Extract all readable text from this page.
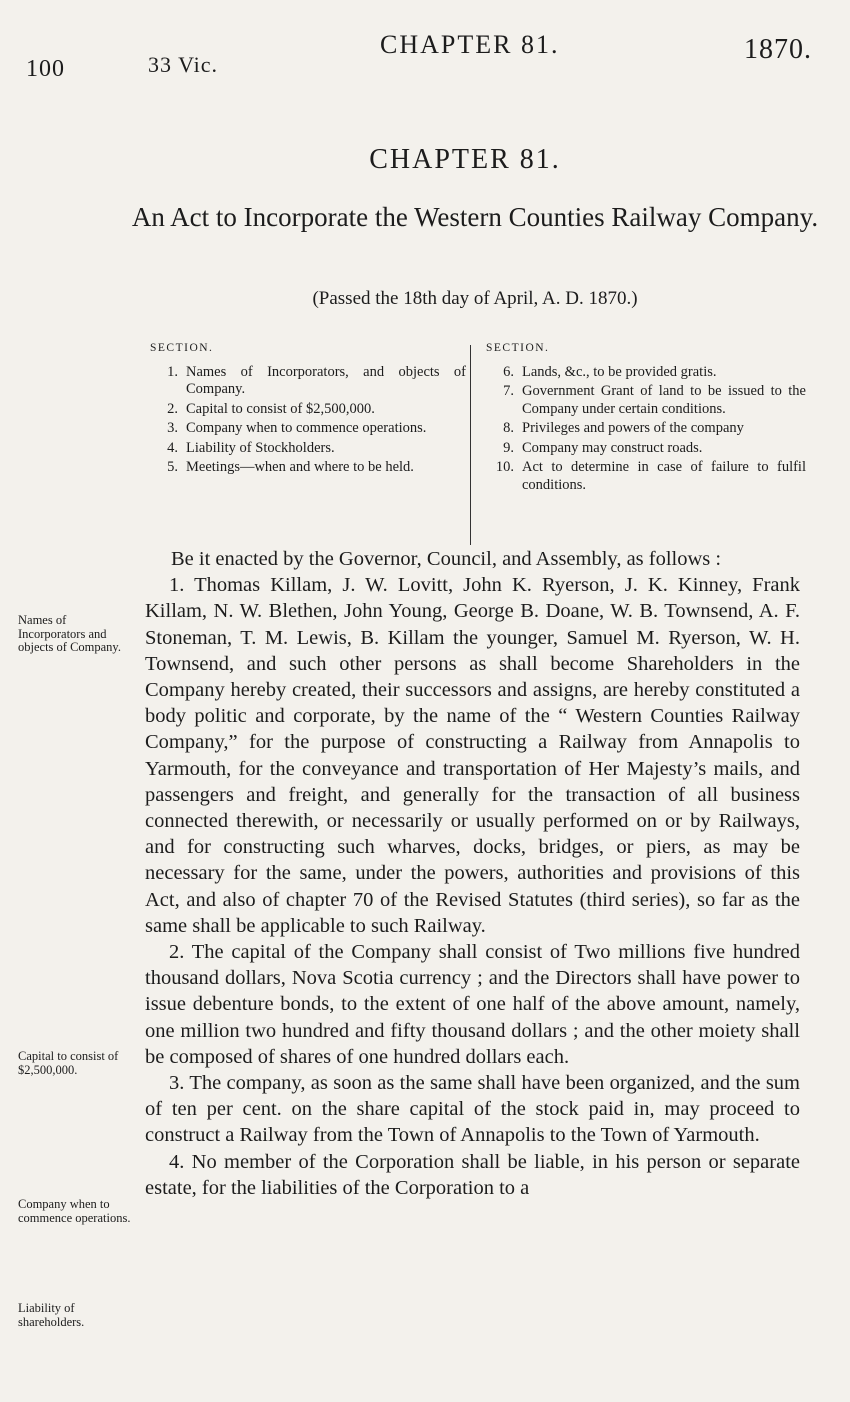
100	33 Vic.
CHAPTER 81.	1870.
CHAPTER 81.
An Act to Incorporate the Western Counties Railway Company.
(Passed the 18th day of April, A. D. 1870.)
SECTION.
1. Names of Incorporators, and objects of Company.
2. Capital to consist of $2,500,000.
3. Company when to commence operations.
4. Liability of Stockholders.
5. Meetings—when and where to be held.
SECTION.
6. Lands, &c., to be provided gratis.
7. Government Grant of land to be issued to the Company under certain conditions.
8. Privileges and powers of the company
9. Company may construct roads.
10. Act to determine in case of failure to fulfil conditions.

Be it enacted by the Governor, Council, and Assembly, as follows :

1. Thomas Killam, J. W. Lovitt, John K. Ryerson, J. K. Kinney, Frank Killam, N. W. Blethen, John Young, George B. Doane, W. B. Townsend, A. F. Stoneman, T. M. Lewis, B. Killam the younger, Samuel M. Ryerson, W. H. Townsend, and such other persons as shall become Shareholders in the Company hereby created, their successors and assigns, are hereby constituted a body politic and corporate, by the name of the “ Western Counties Railway Company,” for the purpose of constructing a Railway from Annapolis to Yarmouth, for the conveyance and transportation of Her Majesty’s mails, and passengers and freight, and generally for the transaction of all business connected therewith, or necessarily or usually performed on or by Railways, and for constructing such wharves, docks, bridges, or piers, as may be necessary for the same, under the powers, authorities and provisions of this Act, and also of chapter 70 of the Revised Statutes (third series), so far as the same shall be applicable to such Railway.

2. The capital of the Company shall consist of Two millions five hundred thousand dollars, Nova Scotia currency ; and the Directors shall have power to issue debenture bonds, to the extent of one half of the above amount, namely, one million two hundred and fifty thousand dollars ; and the other moiety shall be composed of shares of one hundred dollars each.

3. The company, as soon as the same shall have been organized, and the sum of ten per cent. on the share capital of the stock paid in, may proceed to construct a Railway from the Town of Annapolis to the Town of Yarmouth.

4. No member of the Corporation shall be liable, in his person or separate estate, for the liabilities of the Corporation to a

Names of Incorporators and objects of Company.
Capital to consist of $2,500,000.
Company when to commence operations.
Liability of shareholders.
